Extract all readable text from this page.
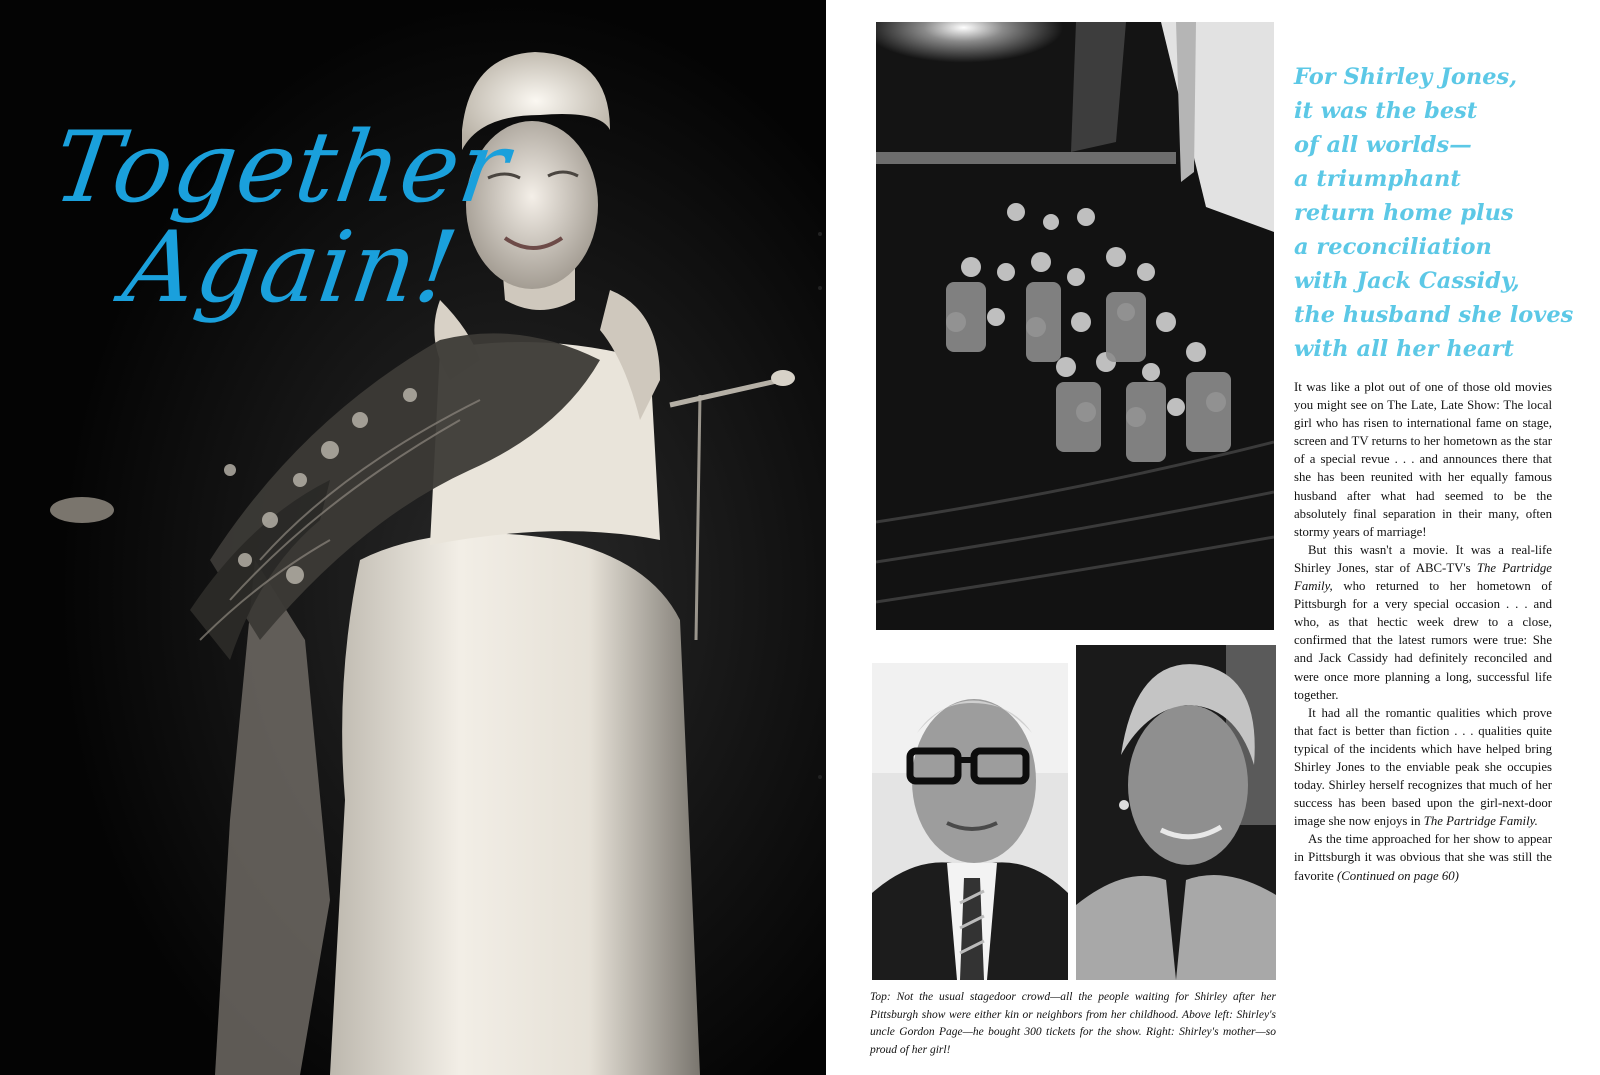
Together
Again!

Top: Not the usual stagedoor crowd—all the people waiting for Shirley after her Pittsburgh show were either kin or neighbors from her childhood. Above left: Shirley's uncle Gordon Page—he bought 300 tickets for the show. Right: Shirley's mother—so proud of her girl!

For Shirley Jones,
it was the best
of all worlds—
a triumphant
return home plus
a reconciliation
with Jack Cassidy,
the husband she loves
with all her heart

It was like a plot out of one of those old movies you might see on The Late, Late Show: The local girl who has risen to international fame on stage, screen and TV returns to her hometown as the star of a special revue . . . and announces there that she has been reunited with her equally famous husband after what had seemed to be the absolutely final separation in their many, often stormy years of marriage!

But this wasn't a movie. It was a real-life Shirley Jones, star of ABC-TV's The Partridge Family, who returned to her hometown of Pittsburgh for a very special occasion . . . and who, as that hectic week drew to a close, confirmed that the latest rumors were true: She and Jack Cassidy had definitely reconciled and were once more planning a long, successful life together.

It had all the romantic qualities which prove that fact is better than fiction . . . qualities quite typical of the incidents which have helped bring Shirley Jones to the enviable peak she occupies today. Shirley herself recognizes that much of her success has been based upon the girl-next-door image she now enjoys in The Partridge Family.

As the time approached for her show to appear in Pittsburgh it was obvious that she was still the favorite (Continued on page 60)
